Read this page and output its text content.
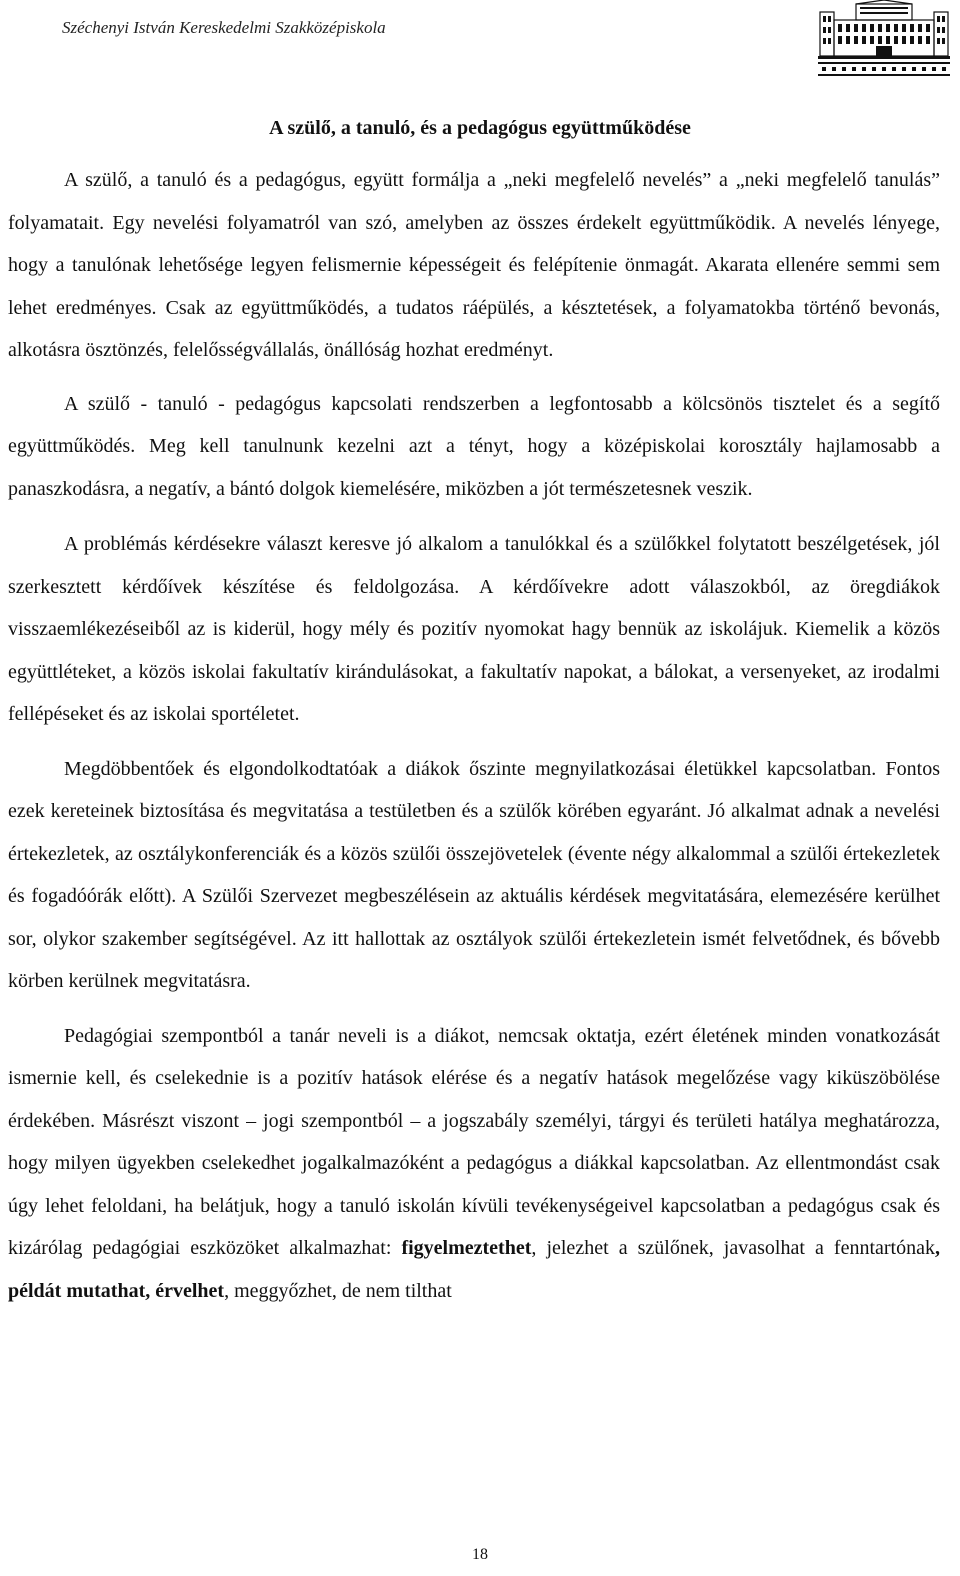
Széchenyi István Kereskedelmi Szakközépiskola
A szülő, a tanuló, és a pedagógus együttműködése

A szülő, a tanuló és a pedagógus, együtt formálja a „neki megfelelő nevelés” a „neki megfelelő tanulás” folyamatait. Egy nevelési folyamatról van szó, amelyben az összes érdekelt együttműködik. A nevelés lényege, hogy a tanulónak lehetősége legyen felismernie képességeit és felépítenie önmagát. Akarata ellenére semmi sem lehet eredményes. Csak az együttműködés, a tudatos ráépülés, a késztetések, a folyamatokba történő bevonás, alkotásra ösztönzés, felelősségvállalás, önállóság hozhat eredményt.

A szülő - tanuló - pedagógus kapcsolati rendszerben a legfontosabb a kölcsönös tisztelet és a segítő együttműködés. Meg kell tanulnunk kezelni azt a tényt, hogy a középiskolai korosztály hajlamosabb a panaszkodásra, a negatív, a bántó dolgok kiemelésére, miközben a jót természetesnek veszik.

A problémás kérdésekre választ keresve jó alkalom a tanulókkal és a szülőkkel folytatott beszélgetések, jól szerkesztett kérdőívek készítése és feldolgozása. A kérdőívekre adott válaszokból, az öregdiákok visszaemlékezéseiből az is kiderül, hogy mély és pozitív nyomokat hagy bennük az iskolájuk. Kiemelik a közös együttléteket, a közös iskolai fakultatív kirándulásokat, a fakultatív napokat, a bálokat, a versenyeket, az irodalmi fellépéseket és az iskolai sportéletet.

Megdöbbentőek és elgondolkodtatóak a diákok őszinte megnyilatkozásai életükkel kapcsolatban. Fontos ezek kereteinek biztosítása és megvitatása a testületben és a szülők körében egyaránt. Jó alkalmat adnak a nevelési értekezletek, az osztálykonferenciák és a közös szülői összejövetelek (évente négy alkalommal a szülői értekezletek és fogadóórák előtt). A Szülői Szervezet megbeszélésein az aktuális kérdések megvitatására, elemezésére kerülhet sor, olykor szakember segítségével. Az itt hallottak az osztályok szülői értekezletein ismét felvetődnek, és bővebb körben kerülnek megvitatásra.

Pedagógiai szempontból a tanár neveli is a diákot, nemcsak oktatja, ezért életének minden vonatkozását ismernie kell, és cselekednie is a pozitív hatások elérése és a negatív hatások megelőzése vagy kiküszöbölése érdekében. Másrészt viszont – jogi szempontból – a jogszabály személyi, tárgyi és területi hatálya meghatározza, hogy milyen ügyekben cselekedhet jogalkalmazóként a pedagógus a diákkal kapcsolatban. Az ellentmondást csak úgy lehet feloldani, ha belátjuk, hogy a tanuló iskolán kívüli tevékenységeivel kapcsolatban a pedagógus csak és kizárólag pedagógiai eszközöket alkalmazhat: figyelmeztethet, jelezhet a szülőnek, javasolhat a fenntartónak, példát mutathat, érvelhet, meggyőzhet, de nem tilthat

18
